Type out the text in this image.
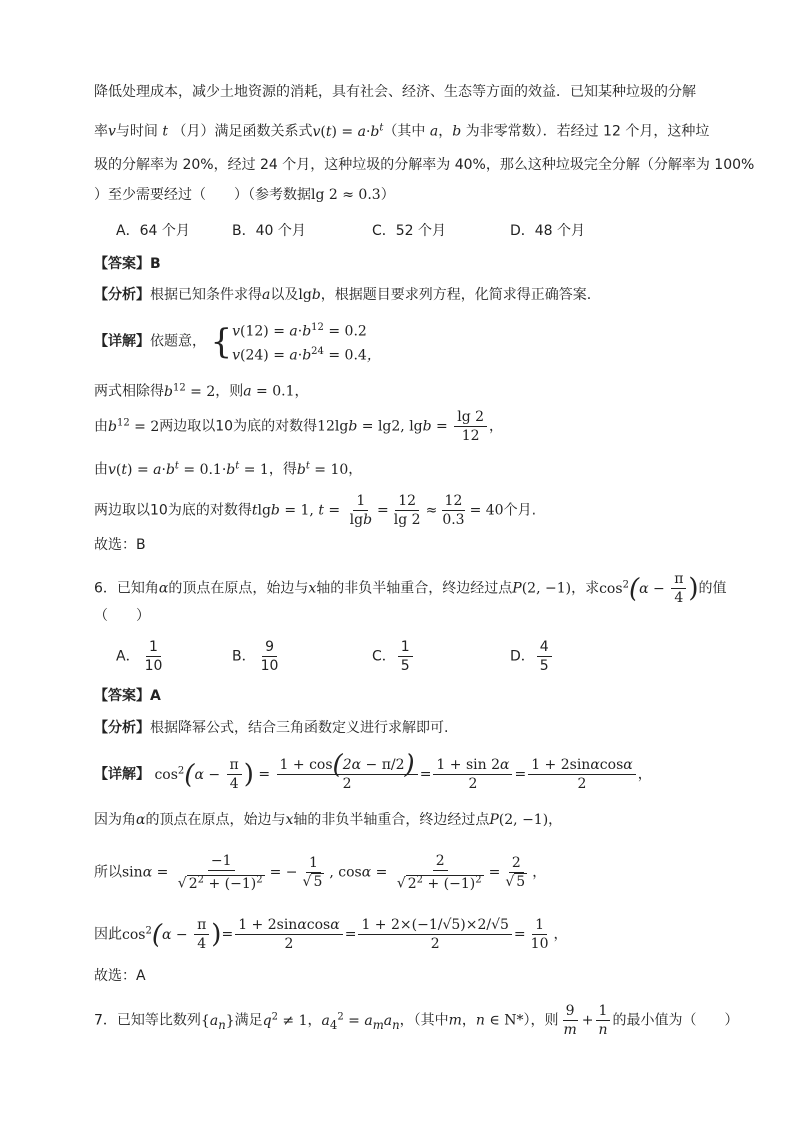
降低处理成本，减少土地资源的消耗，具有社会、经济、生态等方面的效益．已知某种垃圾的分解
率v与时间 t （月）满足函数关系式$v(t) = a\cdot b^t$（其中 a，b 为非零常数）．若经过 12 个月，这种垃
圾的分解率为 20%，经过 24 个月，这种垃圾的分解率为 40%，那么这种垃圾完全分解（分解率为 100%
）至少需要经过（　　）（参考数据lg 2 ≈ 0.3）
A．64 个月	B．40 个月	C．52 个月	D．48 个月
【答案】B
【分析】根据已知条件求得a以及lgb，根据题目要求列方程，化简求得正确答案.
【详解】依题意， { $v(12) = a\cdot b^{12} = 0.2$
$v(24) = a\cdot b^{24} = 0.4$，
两式相除得$b^{12} = 2$，则a = 0.1，
由$b^{12} = 2$两边取以10为底的对数得12lgb = lg2, $\lg b = \frac{\lg 2}{12}$ ，
由$v(t) = a\cdot b^t = 0.1\cdot b^t = 1$，得$b^t = 10$，
两边取以10为底的对数得tlgb = 1, $t = \frac{1}{\lg b} = \frac{12}{\lg 2} \approx \frac{12}{0.3} = 40$个月.
故选：B
6．已知角α的顶点在原点，始边与x轴的非负半轴重合，终边经过点P(2, −1)，求$\cos^2(\alpha - \frac{\pi}{4}$ )的值
（　　）
A． $\frac{1}{10}$	B． $\frac{9}{10}$	C． $\frac{1}{5}$	D． $\frac{4}{5}$
【答案】A
【分析】根据降幂公式，结合三角函数定义进行求解即可.
【详解】 $\cos^2(\alpha - \frac{\pi}{4}$ ) = $\frac{1 + \cos(2\alpha - \pi/2)}{2} = \frac{1 + \sin 2\alpha}{2} = \frac{1 + 2\sin\alpha\cos\alpha}{2}$ ，
因为角α的顶点在原点，始边与x轴的非负半轴重合，终边经过点P(2, −1)，
所以$\sin\alpha = \frac{-1}{√ 2^2 + (-1)^2}$ = − $\frac{1}{√ 5}$ , $\cos\alpha = \frac{2}{√ 2^2 + (-1)^2} = \frac{2}{√ 5}$ ，
因此$\cos^2(\alpha - \frac{\pi}{4}$ )= $\frac{1 + 2\sin\alpha\cos\alpha}{2} = \frac{1 + 2\times(-1/√5)\times 2/√5}{2} = \frac{1}{10}$ ，
故选：A
7．已知等比数列$\{a_n\}$满足$q^2 \ne 1$，$a_4^2 = a_ma_n$，（其中m，n ∈ N*），则 $\frac{9}{m} + \frac{1}{n}$ 的最小值为（　　）
